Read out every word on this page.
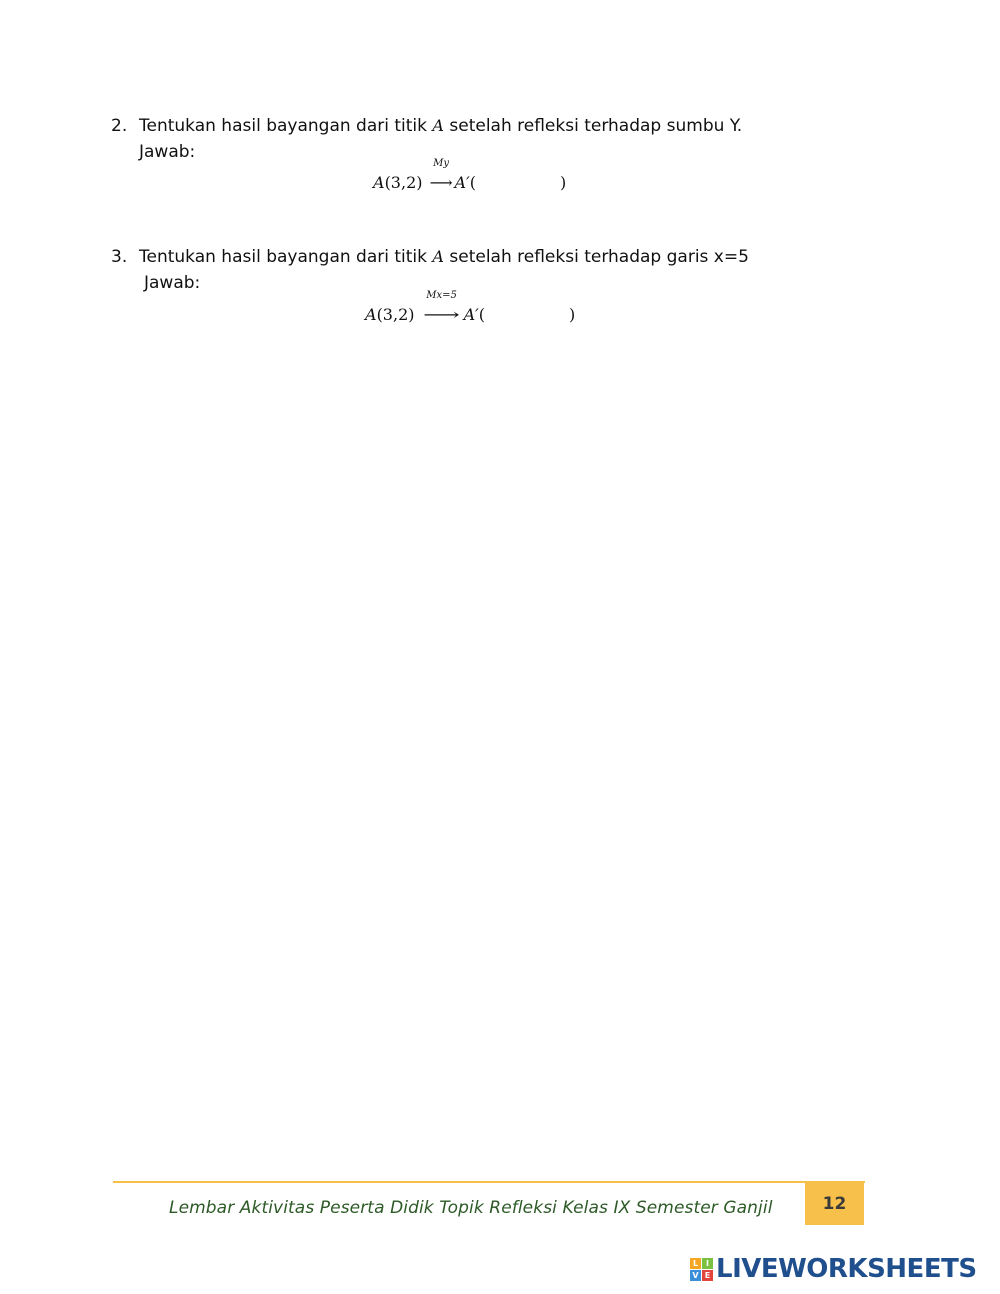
2. Tentukan hasil bayangan dari titik A setelah refleksi terhadap sumbu Y.
Jawab:
A(3,2)
My
⟶ A′(	)
3. Tentukan hasil bayangan dari titik A setelah refleksi terhadap garis x=5
Jawab:
A(3,2)
Mx=5
⟶ A′(	)
Lembar Aktivitas Peserta Didik Topik Refleksi Kelas IX Semester Ganjil	12
L I
V E LIVEWORKSHEETS
